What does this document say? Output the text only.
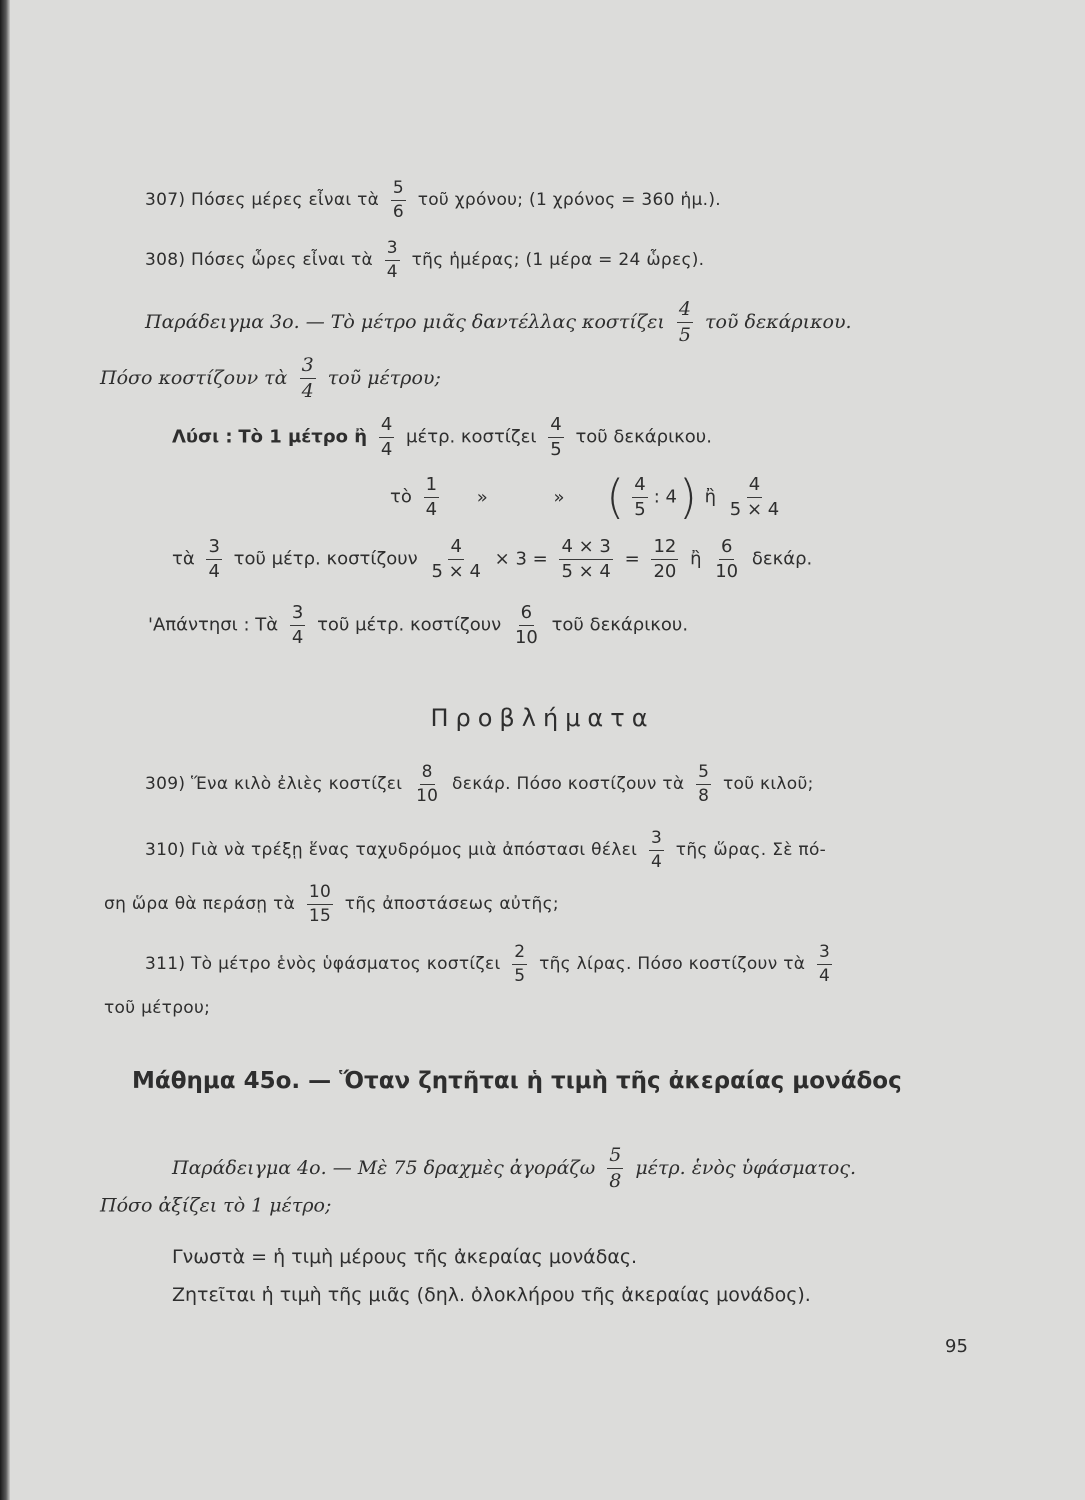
307) Πόσες μέρες εἶναι τὰ $\frac{5}{6}$ τοῦ χρόνου; (1 χρόνος = 360 ἡμ.).
308) Πόσες ὧρες εἶναι τὰ $\frac{3}{4}$ τῆς ἡμέρας; (1 μέρα = 24 ὧρες).
Παράδειγμα 3ο. — Τὸ μέτρο μιᾶς δαντέλλας κοστίζει $\frac{4}{5}$ τοῦ δεκάρικου.
Πόσο κοστίζουν τὰ $\frac{3}{4}$ τοῦ μέτρου;
Λύσι : Τὸ 1 μέτρο ἢ $\frac{4}{4} \mu έ\tau\rho$. κοστίζει $\frac{4}{5}$ τοῦ δεκάρικου.
τὸ $\frac{1}{4}$ »	» ( $\frac{4}{5}$ : 4) ἢ $\frac{4}{5 \times 4}$
τὰ $\frac{3}{4}$ τοῦ μέτρ. κοστίζουν $\frac{4}{5 \times 4} \times 3 = \frac{4 \times 3}{5 \times 4} = \frac{12}{20}$ ἢ $\frac{6}{10} \delta\varepsilon\kappa ά\rho$.
'Απάντησι : Τὰ $\frac{3}{4}$ τοῦ μέτρ. κοστίζουν $\frac{6}{10}$ τοῦ δεκάρικου.
Προβλήματα
309) Ἕνα κιλὸ ἐλιὲς κοστίζει $\frac{8}{10} \delta\varepsilon\kappa ά\rho$. Πόσο κοστίζουν τὰ $\frac{5}{8}$ τοῦ κιλοῦ;
310) Γιὰ νὰ τρέξῃ ἕνας ταχυδρόμος μιὰ ἀπόστασι θέλει $\frac{3}{4}$ τῆς ὥρας. Σὲ πό-
ση ὥρα θὰ περάσῃ τὰ $\frac{10}{15}$ τῆς ἀποστάσεως αὐτῆς;
311) Τὸ μέτρο ἑνὸς ὑφάσματος κοστίζει $\frac{2}{5}$ τῆς λίρας. Πόσο κοστίζουν τὰ $\frac{3}{4}$
τοῦ μέτρου;
Μάθημα 45ο. — Ὅταν ζητῆται ἡ τιμὴ τῆς ἀκεραίας μονάδος
Παράδειγμα 4ο. — Μὲ 75 δραχμὲς ἀγοράζω $\frac{5}{8} \mu έ\tau\rho$. ἑνὸς ὑφάσματος.
Πόσο ἀξίζει τὸ 1 μέτρο;
Γνωστὰ = ἡ τιμὴ μέρους τῆς ἀκεραίας μονάδας.
Ζητεῖται ἡ τιμὴ τῆς μιᾶς (δηλ. ὁλοκλήρου τῆς ἀκεραίας μονάδος).
95
